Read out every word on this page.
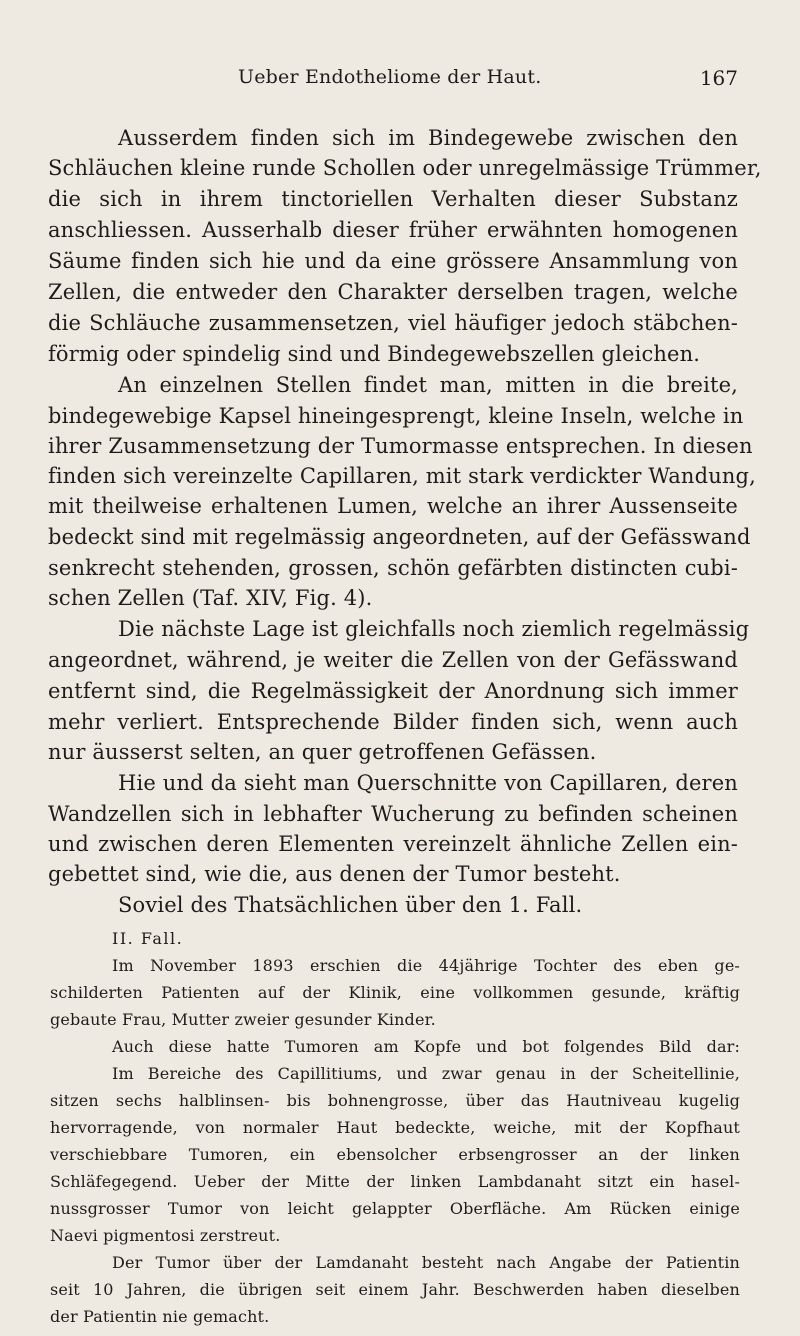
Ueber Endotheliome der Haut.	167
Ausserdem finden sich im Bindegewebe zwischen den
Schläuchen kleine runde Schollen oder unregelmässige Trümmer,
die sich in ihrem tinctoriellen Verhalten dieser Substanz
anschliessen. Ausserhalb dieser früher erwähnten homogenen
Säume finden sich hie und da eine grössere Ansammlung von
Zellen, die entweder den Charakter derselben tragen, welche
die Schläuche zusammensetzen, viel häufiger jedoch stäbchen-
förmig oder spindelig sind und Bindegewebszellen gleichen.
An einzelnen Stellen findet man, mitten in die breite,
bindegewebige Kapsel hineingesprengt, kleine Inseln, welche in
ihrer Zusammensetzung der Tumormasse entsprechen. In diesen
finden sich vereinzelte Capillaren, mit stark verdickter Wandung,
mit theilweise erhaltenen Lumen, welche an ihrer Aussenseite
bedeckt sind mit regelmässig angeordneten, auf der Gefässwand
senkrecht stehenden, grossen, schön gefärbten distincten cubi-
schen Zellen (Taf. XIV, Fig. 4).
Die nächste Lage ist gleichfalls noch ziemlich regelmässig
angeordnet, während, je weiter die Zellen von der Gefässwand
entfernt sind, die Regelmässigkeit der Anordnung sich immer
mehr verliert. Entsprechende Bilder finden sich, wenn auch
nur äusserst selten, an quer getroffenen Gefässen.
Hie und da sieht man Querschnitte von Capillaren, deren
Wandzellen sich in lebhafter Wucherung zu befinden scheinen
und zwischen deren Elementen vereinzelt ähnliche Zellen ein-
gebettet sind, wie die, aus denen der Tumor besteht.
Soviel des Thatsächlichen über den 1. Fall.
II. Fall.
Im November 1893 erschien die 44jährige Tochter des eben ge-
schilderten Patienten auf der Klinik, eine vollkommen gesunde, kräftig
gebaute Frau, Mutter zweier gesunder Kinder.
Auch diese hatte Tumoren am Kopfe und bot folgendes Bild dar:
Im Bereiche des Capillitiums, und zwar genau in der Scheitellinie,
sitzen sechs halblinsen- bis bohnengrosse, über das Hautniveau kugelig
hervorragende, von normaler Haut bedeckte, weiche, mit der Kopfhaut
verschiebbare Tumoren, ein ebensolcher erbsengrosser an der linken
Schläfegegend. Ueber der Mitte der linken Lambdanaht sitzt ein hasel-
nussgrosser Tumor von leicht gelappter Oberfläche. Am Rücken einige
Naevi pigmentosi zerstreut.
Der Tumor über der Lamdanaht besteht nach Angabe der Patientin
seit 10 Jahren, die übrigen seit einem Jahr. Beschwerden haben dieselben
der Patientin nie gemacht.
